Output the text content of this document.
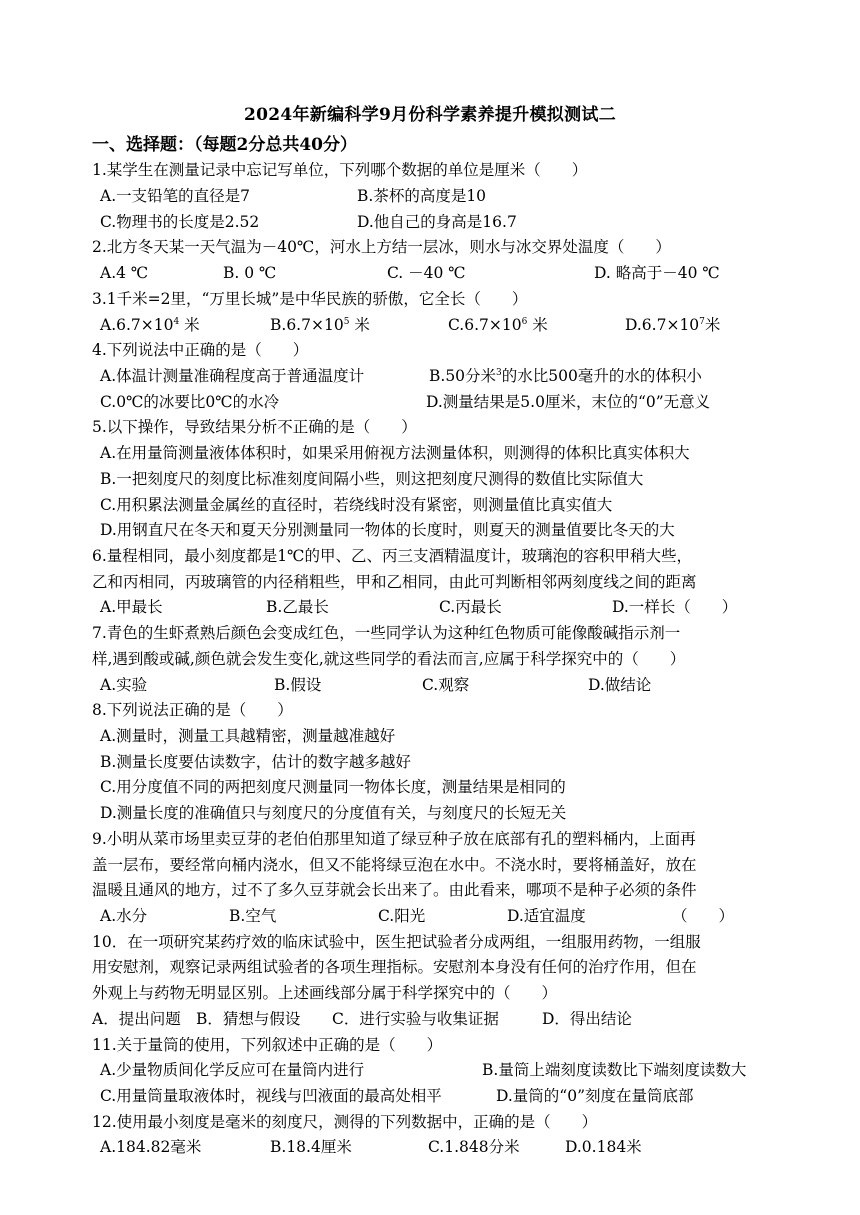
2024年新编科学9月份科学素养提升模拟测试二
一、选择题：（每题2分总共40分）
1.某学生在测量记录中忘记写单位，下列哪个数据的单位是厘米（　　）
A.一支铅笔的直径是7	B.茶杯的高度是10
C.物理书的长度是2.52	D.他自己的身高是16.7
2.北方冬天某一天气温为－40℃，河水上方结一层冰，则水与冰交界处温度（　　）
A.4 ℃	B. 0 ℃	C. －40 ℃	D. 略高于－40 ℃
3.1千米=2里，“万里长城”是中华民族的骄傲，它全长（　　）
$A.6.7\times 10^4$ 米	$B.6.7\times 10^5$ 米	$C.6.7\times 10^6$ 米	$D.6.7\times 10^7$米
4.下列说法中正确的是（　　）
A.体温计测量准确程度高于普通温度计	B.50分米$^3$的水比500毫升的水的体积小
C.0℃的冰要比0℃的水冷	D.测量结果是5.0厘米，末位的“0”无意义
5.以下操作，导致结果分析不正确的是（　　）
A.在用量筒测量液体体积时，如果采用俯视方法测量体积，则测得的体积比真实体积大
B.一把刻度尺的刻度比标准刻度间隔小些，则这把刻度尺测得的数值比实际值大
C.用积累法测量金属丝的直径时，若绕线时没有紧密，则测量值比真实值大
D.用钢直尺在冬天和夏天分别测量同一物体的长度时，则夏天的测量值要比冬天的大
6.量程相同，最小刻度都是1℃的甲、乙、丙三支酒精温度计，玻璃泡的容积甲稍大些，
乙和丙相同，丙玻璃管的内径稍粗些，甲和乙相同，由此可判断相邻两刻度线之间的距离
A.甲最长	B.乙最长	C.丙最长	D.一样长（　　）
7.青色的生虾煮熟后颜色会变成红色，一些同学认为这种红色物质可能像酸碱指示剂一
样,遇到酸或碱,颜色就会发生变化,就这些同学的看法而言,应属于科学探究中的（　　）
A.实验	B.假设	C.观察	D.做结论
8.下列说法正确的是（　　）
A.测量时，测量工具越精密，测量越准越好
B.测量长度要估读数字，估计的数字越多越好
C.用分度值不同的两把刻度尺测量同一物体长度，测量结果是相同的
D.测量长度的准确值只与刻度尺的分度值有关，与刻度尺的长短无关
9.小明从菜市场里卖豆芽的老伯伯那里知道了绿豆种子放在底部有孔的塑料桶内，上面再
盖一层布，要经常向桶内浇水，但又不能将绿豆泡在水中。不浇水时，要将桶盖好，放在
温暖且通风的地方，过不了多久豆芽就会长出来了。由此看来，哪项不是种子必须的条件
A.水分	B.空气	C.阳光	D.适宜温度	（　　）
10．在一项研究某药疗效的临床试验中，医生把试验者分成两组，一组服用药物，一组服
用安慰剂，观察记录两组试验者的各项生理指标。安慰剂本身没有任何的治疗作用，但在
外观上与药物无明显区别。上述画线部分属于科学探究中的（　　）
A．提出问题 B．猜想与假设 C．进行实验与收集证据	D．得出结论
11.关于量筒的使用，下列叙述中正确的是（　　）
A.少量物质间化学反应可在量筒内进行	B.量筒上端刻度读数比下端刻度读数大
C.用量筒量取液体时，视线与凹液面的最高处相平	D.量筒的“0”刻度在量筒底部
12.使用最小刻度是毫米的刻度尺，测得的下列数据中，正确的是（　　）
A.184.82毫米	B.18.4厘米	C.1.848分米	D.0.184米
